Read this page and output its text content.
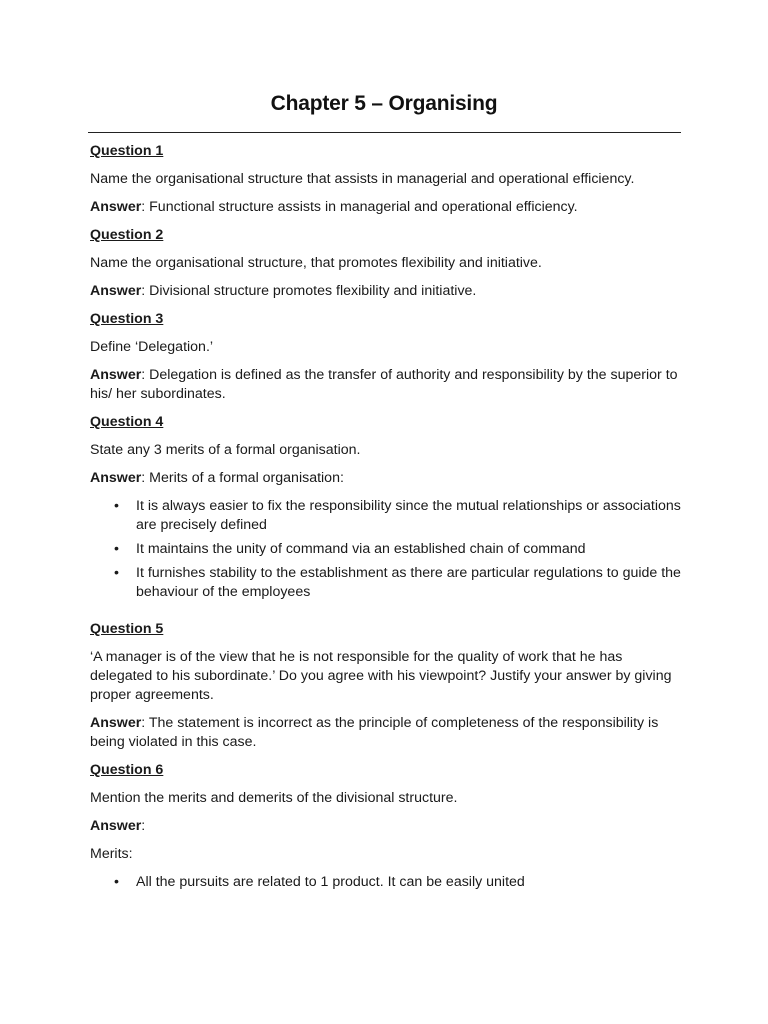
Chapter 5 – Organising
Question 1
Name the organisational structure that assists in managerial and operational efficiency.
Answer: Functional structure assists in managerial and operational efficiency.
Question 2
Name the organisational structure, that promotes flexibility and initiative.
Answer: Divisional structure promotes flexibility and initiative.
Question 3
Define ‘Delegation.’
Answer: Delegation is defined as the transfer of authority and responsibility by the superior to his/ her subordinates.
Question 4
State any 3 merits of a formal organisation.
Answer: Merits of a formal organisation:
• It is always easier to fix the responsibility since the mutual relationships or associations are precisely defined
• It maintains the unity of command via an established chain of command
• It furnishes stability to the establishment as there are particular regulations to guide the behaviour of the employees
Question 5
‘A manager is of the view that he is not responsible for the quality of work that he has delegated to his subordinate.’ Do you agree with his viewpoint? Justify your answer by giving proper agreements.
Answer: The statement is incorrect as the principle of completeness of the responsibility is being violated in this case.
Question 6
Mention the merits and demerits of the divisional structure.
Answer:
Merits:
• All the pursuits are related to 1 product. It can be easily united
